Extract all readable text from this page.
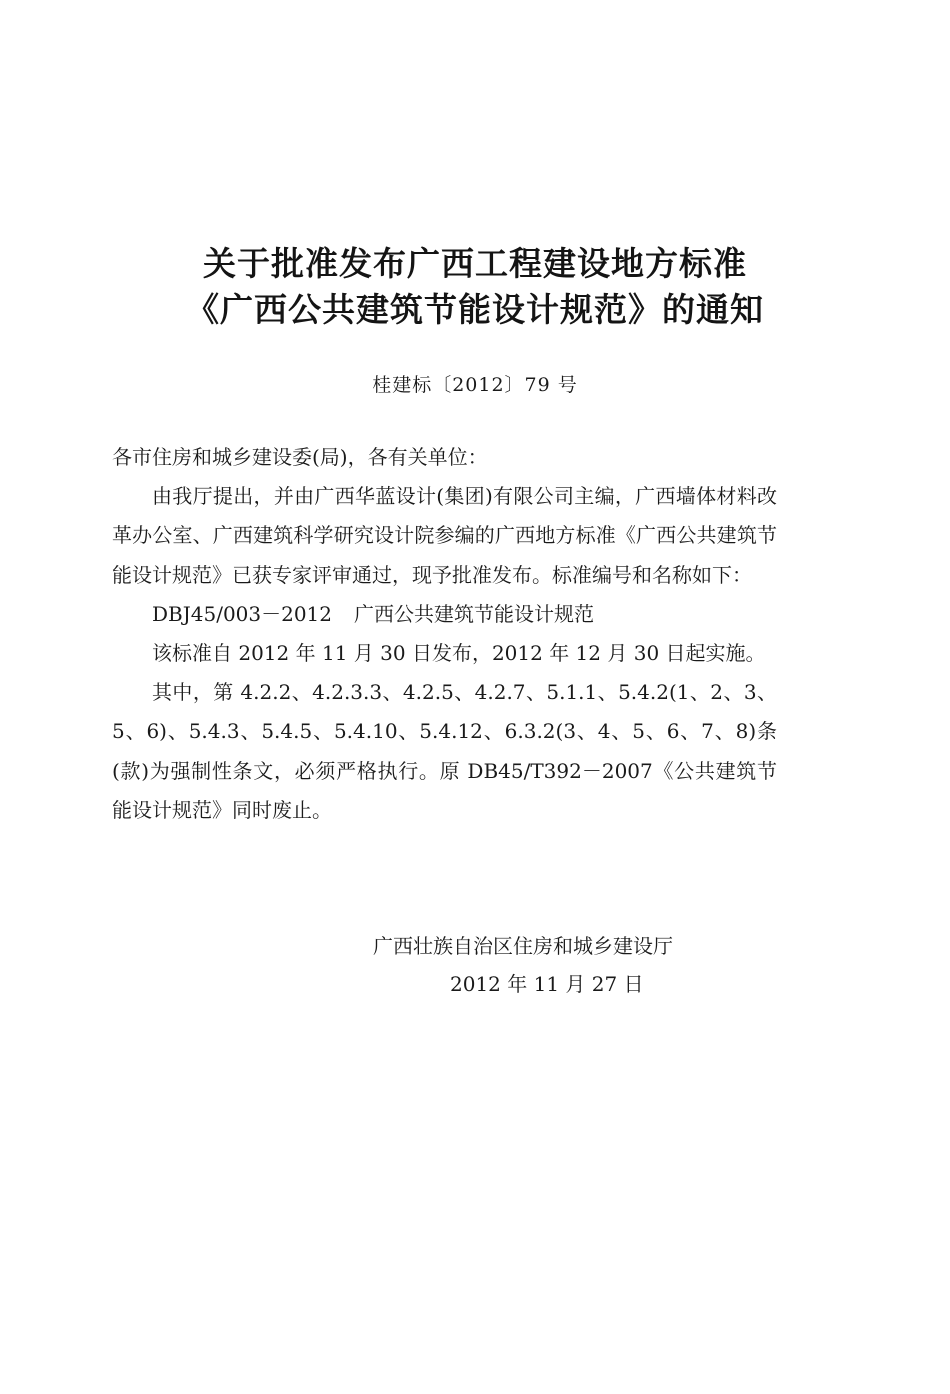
关于批准发布广西工程建设地方标准
《广西公共建筑节能设计规范》的通知
桂建标〔2012〕79 号

各市住房和城乡建设委(局)，各有关单位：

由我厅提出，并由广西华蓝设计(集团)有限公司主编，广西墙体材料改革办公室、广西建筑科学研究设计院参编的广西地方标准《广西公共建筑节能设计规范》已获专家评审通过，现予批准发布。标准编号和名称如下：

DBJ45/003－2012 广西公共建筑节能设计规范

该标准自 2012 年 11 月 30 日发布，2012 年 12 月 30 日起实施。

其中，第 4.2.2、4.2.3.3、4.2.5、4.2.7、5.1.1、5.4.2(1、2、3、5、6)、5.4.3、5.4.5、5.4.10、5.4.12、6.3.2(3、4、5、6、7、8)条(款)为强制性条文，必须严格执行。原 DB45/T392－2007《公共建筑节能设计规范》同时废止。

广西壮族自治区住房和城乡建设厅
2012 年 11 月 27 日
